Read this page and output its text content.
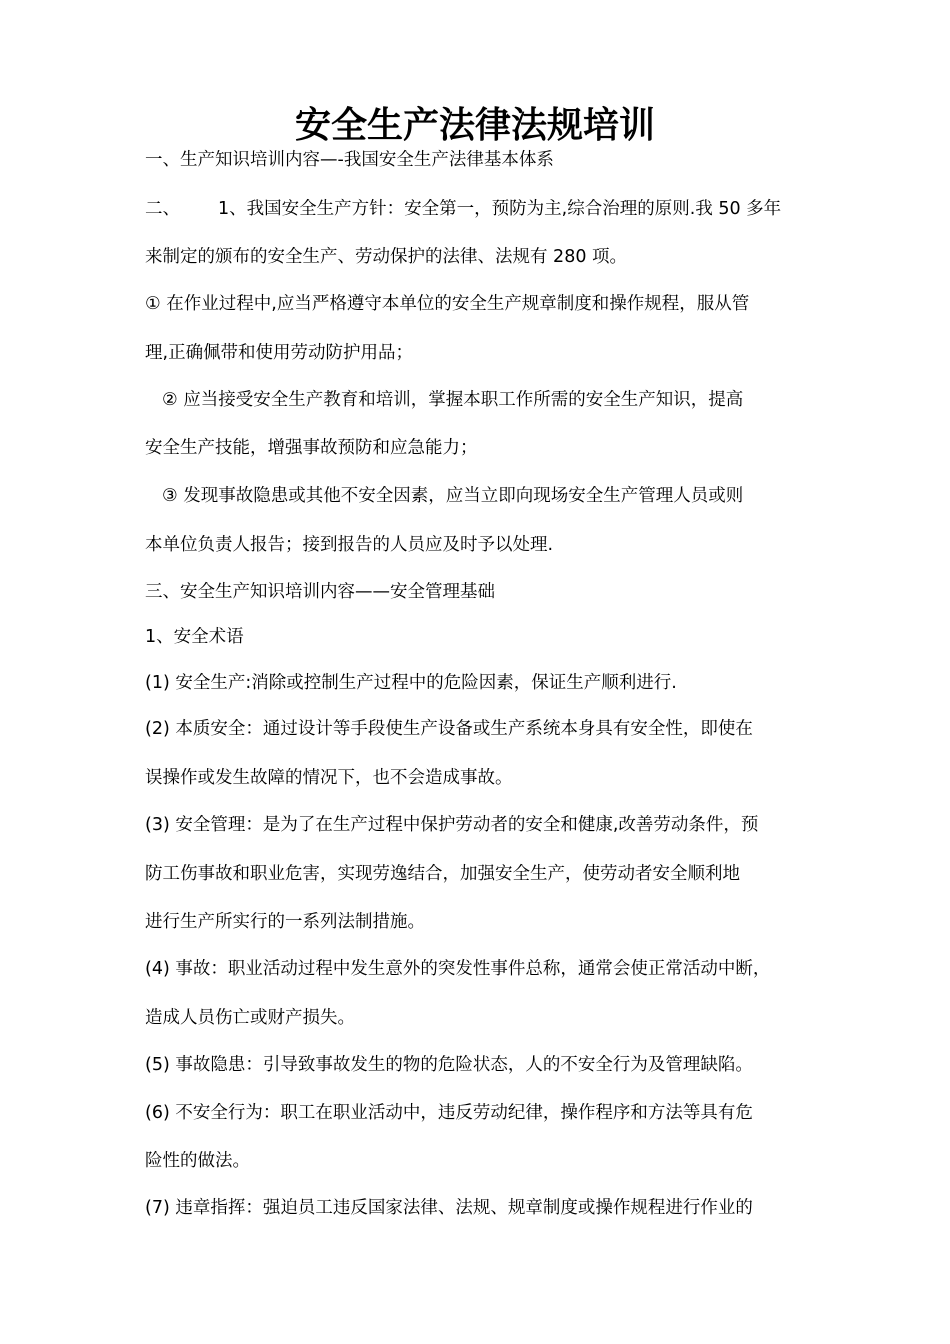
安全生产法律法规培训

一、生产知识培训内容—-我国安全生产法律基本体系

二、 1、我国安全生产方针：安全第一，预防为主,综合治理的原则.我 50 多年

来制定的颁布的安全生产、劳动保护的法律、法规有 280 项。

① 在作业过程中,应当严格遵守本单位的安全生产规章制度和操作规程，服从管

理,正确佩带和使用劳动防护用品；

② 应当接受安全生产教育和培训，掌握本职工作所需的安全生产知识，提高

安全生产技能，增强事故预防和应急能力；

③ 发现事故隐患或其他不安全因素，应当立即向现场安全生产管理人员或则

本单位负责人报告；接到报告的人员应及时予以处理.

三、安全生产知识培训内容——安全管理基础

1、安全术语

(1) 安全生产:消除或控制生产过程中的危险因素，保证生产顺利进行.

(2) 本质安全：通过设计等手段使生产设备或生产系统本身具有安全性，即使在

误操作或发生故障的情况下，也不会造成事故。

(3) 安全管理：是为了在生产过程中保护劳动者的安全和健康,改善劳动条件，预

防工伤事故和职业危害，实现劳逸结合，加强安全生产，使劳动者安全顺利地

进行生产所实行的一系列法制措施。

(4) 事故：职业活动过程中发生意外的突发性事件总称，通常会使正常活动中断，

造成人员伤亡或财产损失。

(5) 事故隐患：引导致事故发生的物的危险状态，人的不安全行为及管理缺陷。

(6) 不安全行为：职工在职业活动中，违反劳动纪律，操作程序和方法等具有危

险性的做法。

(7) 违章指挥：强迫员工违反国家法律、法规、规章制度或操作规程进行作业的
